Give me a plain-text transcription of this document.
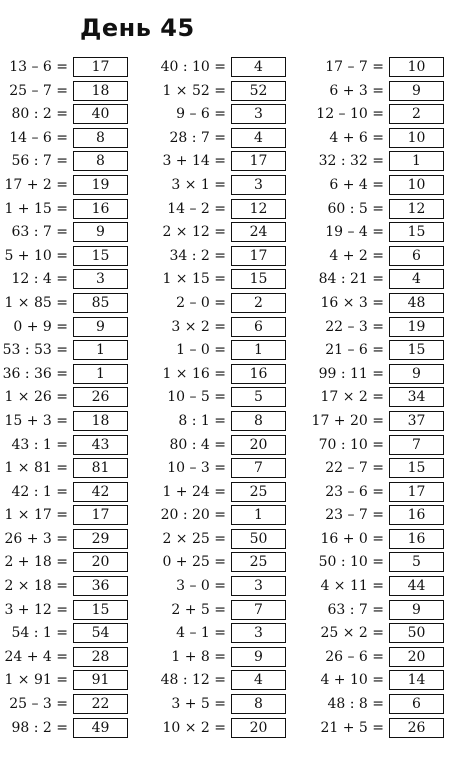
День 45
13 – 6 =	17
25 – 7 =	18
80 : 2 =	40
14 – 6 =	8
56 : 7 =	8
17 + 2 =	19
1 + 15 =	16
63 : 7 =	9
5 + 10 =	15
12 : 4 =	3
1 × 85 =	85
0 + 9 =	9
53 : 53 =	1
36 : 36 =	1
1 × 26 =	26
15 + 3 =	18
43 : 1 =	43
1 × 81 =	81
42 : 1 =	42
1 × 17 =	17
26 + 3 =	29
2 + 18 =	20
2 × 18 =	36
3 + 12 =	15
54 : 1 =	54
24 + 4 =	28
1 × 91 =	91
25 – 3 =	22
98 : 2 =	49
40 : 10 =	4
1 × 52 =	52
9 – 6 =	3
28 : 7 =	4
3 + 14 =	17
3 × 1 =	3
14 – 2 =	12
2 × 12 =	24
34 : 2 =	17
1 × 15 =	15
2 – 0 =	2
3 × 2 =	6
1 – 0 =	1
1 × 16 =	16
10 – 5 =	5
8 : 1 =	8
80 : 4 =	20
10 – 3 =	7
1 + 24 =	25
20 : 20 =	1
2 × 25 =	50
0 + 25 =	25
3 – 0 =	3
2 + 5 =	7
4 – 1 =	3
1 + 8 =	9
48 : 12 =	4
3 + 5 =	8
10 × 2 =	20
17 – 7 =	10
6 + 3 =	9
12 – 10 =	2
4 + 6 =	10
32 : 32 =	1
6 + 4 =	10
60 : 5 =	12
19 – 4 =	15
4 + 2 =	6
84 : 21 =	4
16 × 3 =	48
22 – 3 =	19
21 – 6 =	15
99 : 11 =	9
17 × 2 =	34
17 + 20 =	37
70 : 10 =	7
22 – 7 =	15
23 – 6 =	17
23 – 7 =	16
16 + 0 =	16
50 : 10 =	5
4 × 11 =	44
63 : 7 =	9
25 × 2 =	50
26 – 6 =	20
4 + 10 =	14
48 : 8 =	6
21 + 5 =	26
